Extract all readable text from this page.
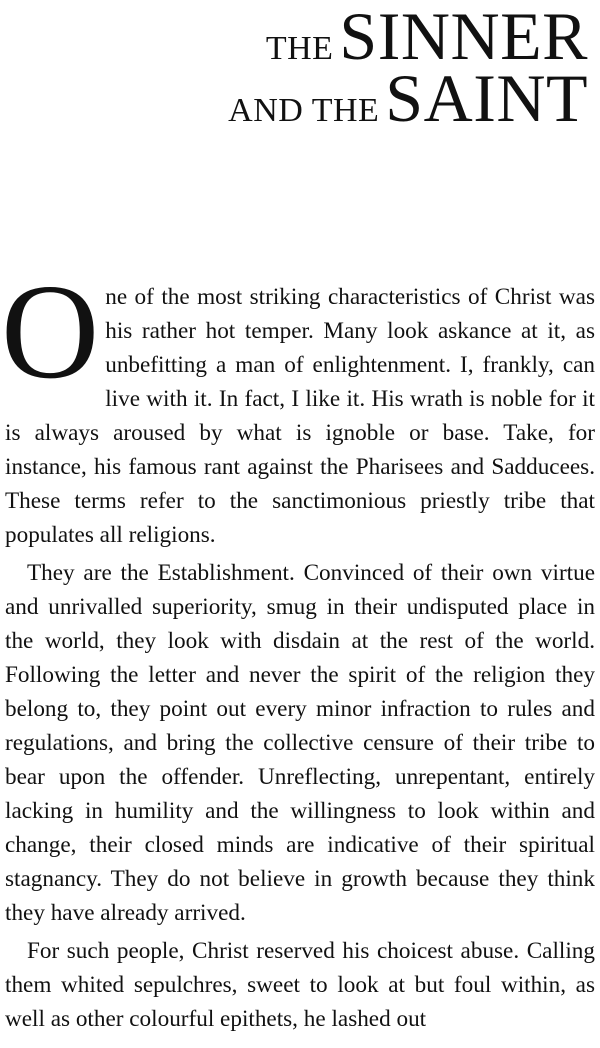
THESINNER
AND THESAINT

One of the most striking characteristics of Christ was his rather hot temper. Many look askance at it, as unbefitting a man of enlightenment. I, frankly, can live with it. In fact, I like it. His wrath is noble for it is always aroused by what is ignoble or base. Take, for instance, his famous rant against the Pharisees and Sadducees. These terms refer to the sanctimonious priestly tribe that populates all religions.

They are the Establishment. Convinced of their own virtue and unrivalled superiority, smug in their undisputed place in the world, they look with disdain at the rest of the world. Following the letter and never the spirit of the religion they belong to, they point out every minor infraction to rules and regulations, and bring the collective censure of their tribe to bear upon the offender. Unreflecting, unrepentant, entirely lacking in humility and the willingness to look within and change, their closed minds are indicative of their spiritual stagnancy. They do not believe in growth because they think they have already arrived.

For such people, Christ reserved his choicest abuse. Calling them whited sepulchres, sweet to look at but foul within, as well as other colourful epithets, he lashed out
